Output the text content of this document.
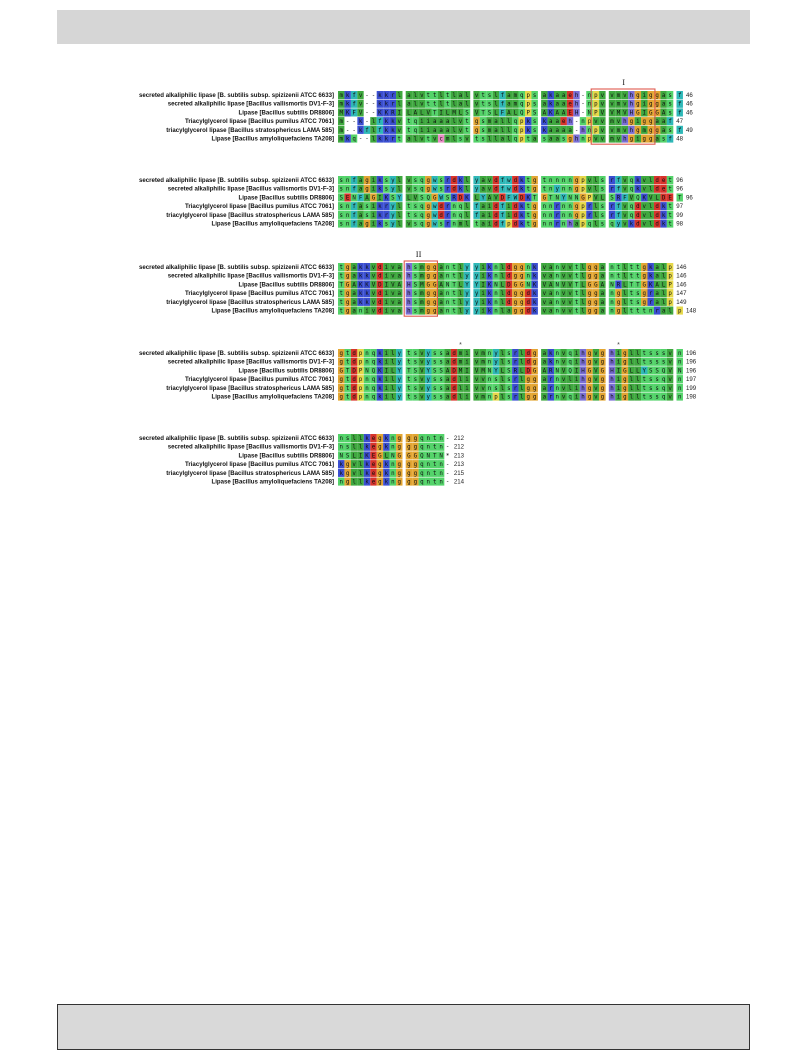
secreted alkaliphilic lipase [B. subtilis subsp. spizizenii ATCC 6633] m k f v - - k k r l a l v t t l t l a l v t s l f a m q p s a k a a e h - n p v v m v h g i g g a s f 46
secreted alkaliphilic lipase [Bacillus vallismortis DV1-F-3] m k f v - - k k r l a l v t t l t l a l v t s l f a m q p s a k a a e h - n p v v m v h g i g g a s f 46
Lipase [Bacillus subtilis DR8806] M K F V - - K K R I L A L V T I L M L S V T S L F A L Q P S A K A A E H - N P V V M V H G I G G A s f 46
Triacylglycerol lipase [Bacillus pumilus ATCC 7061] m - - k - l f k k v t q i i a a a l v t g s m a l l q p k s k a a e h - n p v v m v h g i g g a a f 47
triacylglycerol lipase [Bacillus stratosphericus LAMA 585] m - - k f l f k k v t q i i a a a l v t g s m a l l q p k s k a a a a - h n p v v m v h g m g g a s f 49
Lipase [Bacillus amyloliquefaciens TA208] m k q - - l k k r t a l v t v c m l s v t s l l a l q p t a s a a s g h n p v v m v h g i g g a s f 48
secreted alkaliphilic lipase [B. subtilis subsp. spizizenii ATCC 6633] s n f a g i k s y l v s q g w s r d k l y a v d f w d k t g t n n n n g p v l s r f v q k v l d e t 96
secreted alkaliphilic lipase [Bacillus vallismortis DV1-F-3] s n f a g i k s y l v s q g w s r d k l y a v d f w d k t g t n y n n g p v l s r f v q k v l d e t 96
Lipase [Bacillus subtilis DR8806] S E N F A G I K S Y L V S Q G W S R D K L Y A V D F W D K T G T N Y N N G P V L S R F V Q K V L D E T 96
Triacylglycerol lipase [Bacillus pumilus ATCC 7061] s n f a s i k r y l t s q g w d r n q l f a i d f i d k t g n n r n n g p r l s r f v q d v l d k t 97
triacylglycerol lipase [Bacillus stratosphericus LAMA 585] s n f a s i k r y l t s q g w d r n q l f a i d f i d k t g n n r n n g p r l s r f v q d v l d k t 99
Lipase [Bacillus amyloliquefaciens TA208] s n f a g i k s y l v s q g w s r n m l t a i d f p d k t g n n r n h a p q l s q y v k d v l d k t 98
secreted alkaliphilic lipase [B. subtilis subsp. spizizenii ATCC 6633] t g a k k v d i v a h s m g g a n t l y y i k n l d g g n k v a n v v t l g g a n t l t t g k a l p 146
secreted alkaliphilic lipase [Bacillus vallismortis DV1-F-3] t g a k k v d i v a h s m g g a n t l y y i k n l d g g n k v a n v v t l g g a n t l t t g k a l p 146
Lipase [Bacillus subtilis DR8806] T G A K K V D I V A H S M G G A N T L Y Y I K N L D G G N K V A N V V T L G G A N R L T T G K A L P 146
Triacylglycerol lipase [Bacillus pumilus ATCC 7061] t g a k k v d i v a h s m g g a n t l y y i k n l d g g d k v a n v v t l g g a n g l t s g r a l p 147
triacylglycerol lipase [Bacillus stratosphericus LAMA 585] t g a k k v d i v a h s m g g a n t l y y i k n l d g g d k v a n v v t l g g a n g l t s g r a l p 149
Lipase [Bacillus amyloliquefaciens TA208] t g a n i v d i v a h s m g g a n t l y y i k n l a g g d k v a n v v t l g g a n g l t t t n r a l p 148
secreted alkaliphilic lipase [B. subtilis subsp. spizizenii ATCC 6633] g t d p n q k i l y t s v y s s a d m i v m n y l s r l d g a k n v q i h g v g h i g l l t s s s v n 196
secreted alkaliphilic lipase [Bacillus vallismortis DV1-F-3] g t d p n q k i l y t s v y s s a d m i v m n y l s r l d g a k n v q i h g v g h i g l l t s s s v n 196
Lipase [Bacillus subtilis DR8806] G T D P N Q K I L Y T S V Y S S A D M I V M N Y L S R L D G A R N V Q I H G V G H I G L L Y S S Q V N 196
Triacylglycerol lipase [Bacillus pumilus ATCC 7061] g t d p n q k i l y t s v y s s a d l i v v n s l s r l g g a r n v l i h g v g h i g l l t s s q v n 197
triacylglycerol lipase [Bacillus stratosphericus LAMA 585] g t d p n q k i l y t s v y s s a d l i v v n s l s r l g g a r n v l i h g v g h i g l l t s s q v n 199
Lipase [Bacillus amyloliquefaciens TA208] g t d p n q k i l y t s v y s s a d l i v m n p l s r l g g a r n v q i h g v g h i g l l t s s q v n 198
secreted alkaliphilic lipase [B. subtilis subsp. spizizenii ATCC 6633] n s l l k e g k n g g g q n t n - 212
secreted alkaliphilic lipase [Bacillus vallismortis DV1-F-3] n s l l k e g k n g g g q n t n - 212
Lipase [Bacillus subtilis DR8806] N S L I K E G L N G G G Q N T N * 213
Triacylglycerol lipase [Bacillus pumilus ATCC 7061] k g v l k e g k n g g g q n t n - 213
triacylglycerol lipase [Bacillus stratosphericus LAMA 585] k g v l k e g k n g g g q n t n - 215
Lipase [Bacillus amyloliquefaciens TA208] n g l l k e g k n g g g q n t n - 214
I
II
*	*
